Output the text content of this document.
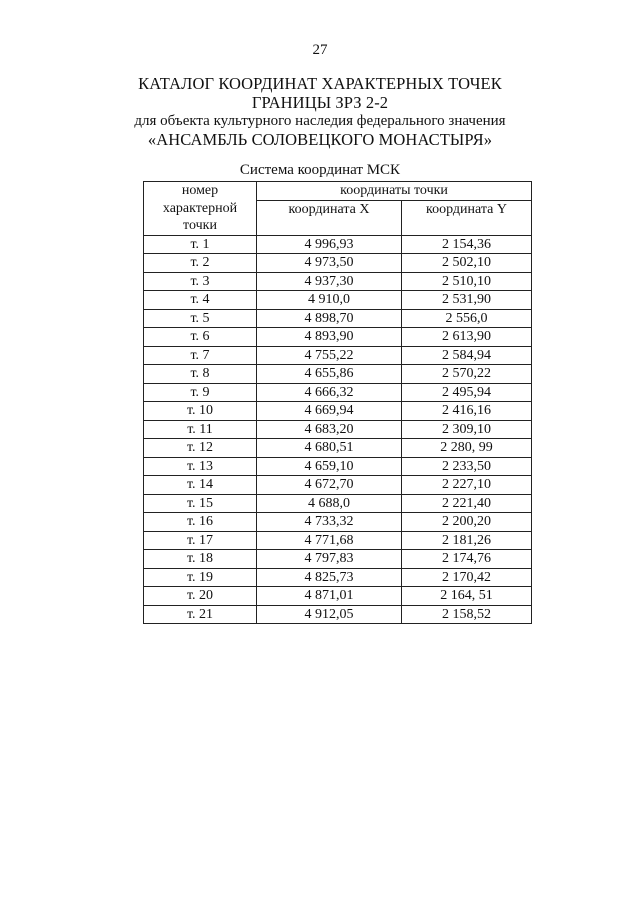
27
КАТАЛОГ КООРДИНАТ ХАРАКТЕРНЫХ ТОЧЕК
ГРАНИЦЫ ЗРЗ 2-2
для объекта культурного наследия федерального значения
«АНСАМБЛЬ СОЛОВЕЦКОГО МОНАСТЫРЯ»
Система координат МСК
номер
характерной
точки	координаты точки	
	координата X	координата Y
т. 1	4 996,93	2 154,36
т. 2	4 973,50	2 502,10
т. 3	4 937,30	2 510,10
т. 4	4 910,0	2 531,90
т. 5	4 898,70	2 556,0
т. 6	4 893,90	2 613,90
т. 7	4 755,22	2 584,94
т. 8	4 655,86	2 570,22
т. 9	4 666,32	2 495,94
т. 10	4 669,94	2 416,16
т. 11	4 683,20	2 309,10
т. 12	4 680,51	2 280, 99
т. 13	4 659,10	2 233,50
т. 14	4 672,70	2 227,10
т. 15	4 688,0	2 221,40
т. 16	4 733,32	2 200,20
т. 17	4 771,68	2 181,26
т. 18	4 797,83	2 174,76
т. 19	4 825,73	2 170,42
т. 20	4 871,01	2 164, 51
т. 21	4 912,05	2 158,52
